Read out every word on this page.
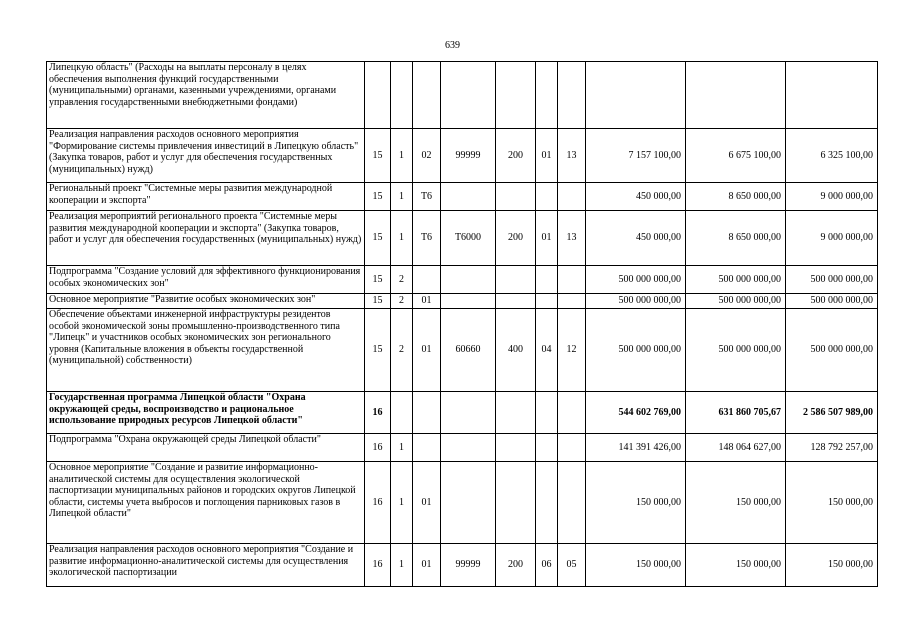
639
Липецкую область" (Расходы на выплаты персоналу в целях обеспечения выполнения функций государственными (муниципальными) органами, казенными учреждениями, органами управления государственными внебюджетными фондами)										
Реализация направления расходов основного мероприятия "Формирование системы привлечения инвестиций в Липецкую область" (Закупка товаров, работ и услуг для обеспечения государственных (муниципальных) нужд)	15	1	02	99999	200	01	13	7 157 100,00	6 675 100,00	6 325 100,00
Региональный проект "Системные меры развития международной кооперации и экспорта"	15	1	Т6					450 000,00	8 650 000,00	9 000 000,00
Реализация мероприятий регионального проекта "Системные меры развития международной кооперации и экспорта" (Закупка товаров, работ и услуг для обеспечения государственных (муниципальных) нужд)	15	1	Т6	Т6000	200	01	13	450 000,00	8 650 000,00	9 000 000,00
Подпрограмма "Создание условий для эффективного функционирования особых экономических зон"	15	2						500 000 000,00	500 000 000,00	500 000 000,00
Основное мероприятие "Развитие особых экономических зон"	15	2	01					500 000 000,00	500 000 000,00	500 000 000,00
Обеспечение объектами инженерной инфраструктуры резидентов особой экономической зоны промышленно-производственного типа "Липецк" и участников особых экономических зон регионального уровня (Капитальные вложения в объекты государственной (муниципальной) собственности)	15	2	01	60660	400	04	12	500 000 000,00	500 000 000,00	500 000 000,00
Государственная программа Липецкой области "Охрана окружающей среды, воспроизводство и рациональное использование природных ресурсов Липецкой области"	16							544 602 769,00	631 860 705,67	2 586 507 989,00
Подпрограмма "Охрана окружающей среды Липецкой области"	16	1						141 391 426,00	148 064 627,00	128 792 257,00
Основное мероприятие "Создание и развитие информационно-аналитической системы для осуществления экологической паспортизации муниципальных районов и городских округов Липецкой области, системы учета выбросов и поглощения парниковых газов в Липецкой области"	16	1	01					150 000,00	150 000,00	150 000,00
Реализация направления расходов основного мероприятия "Создание и развитие информационно-аналитической системы для осуществления экологической паспортизации	16	1	01	99999	200	06	05	150 000,00	150 000,00	150 000,00
